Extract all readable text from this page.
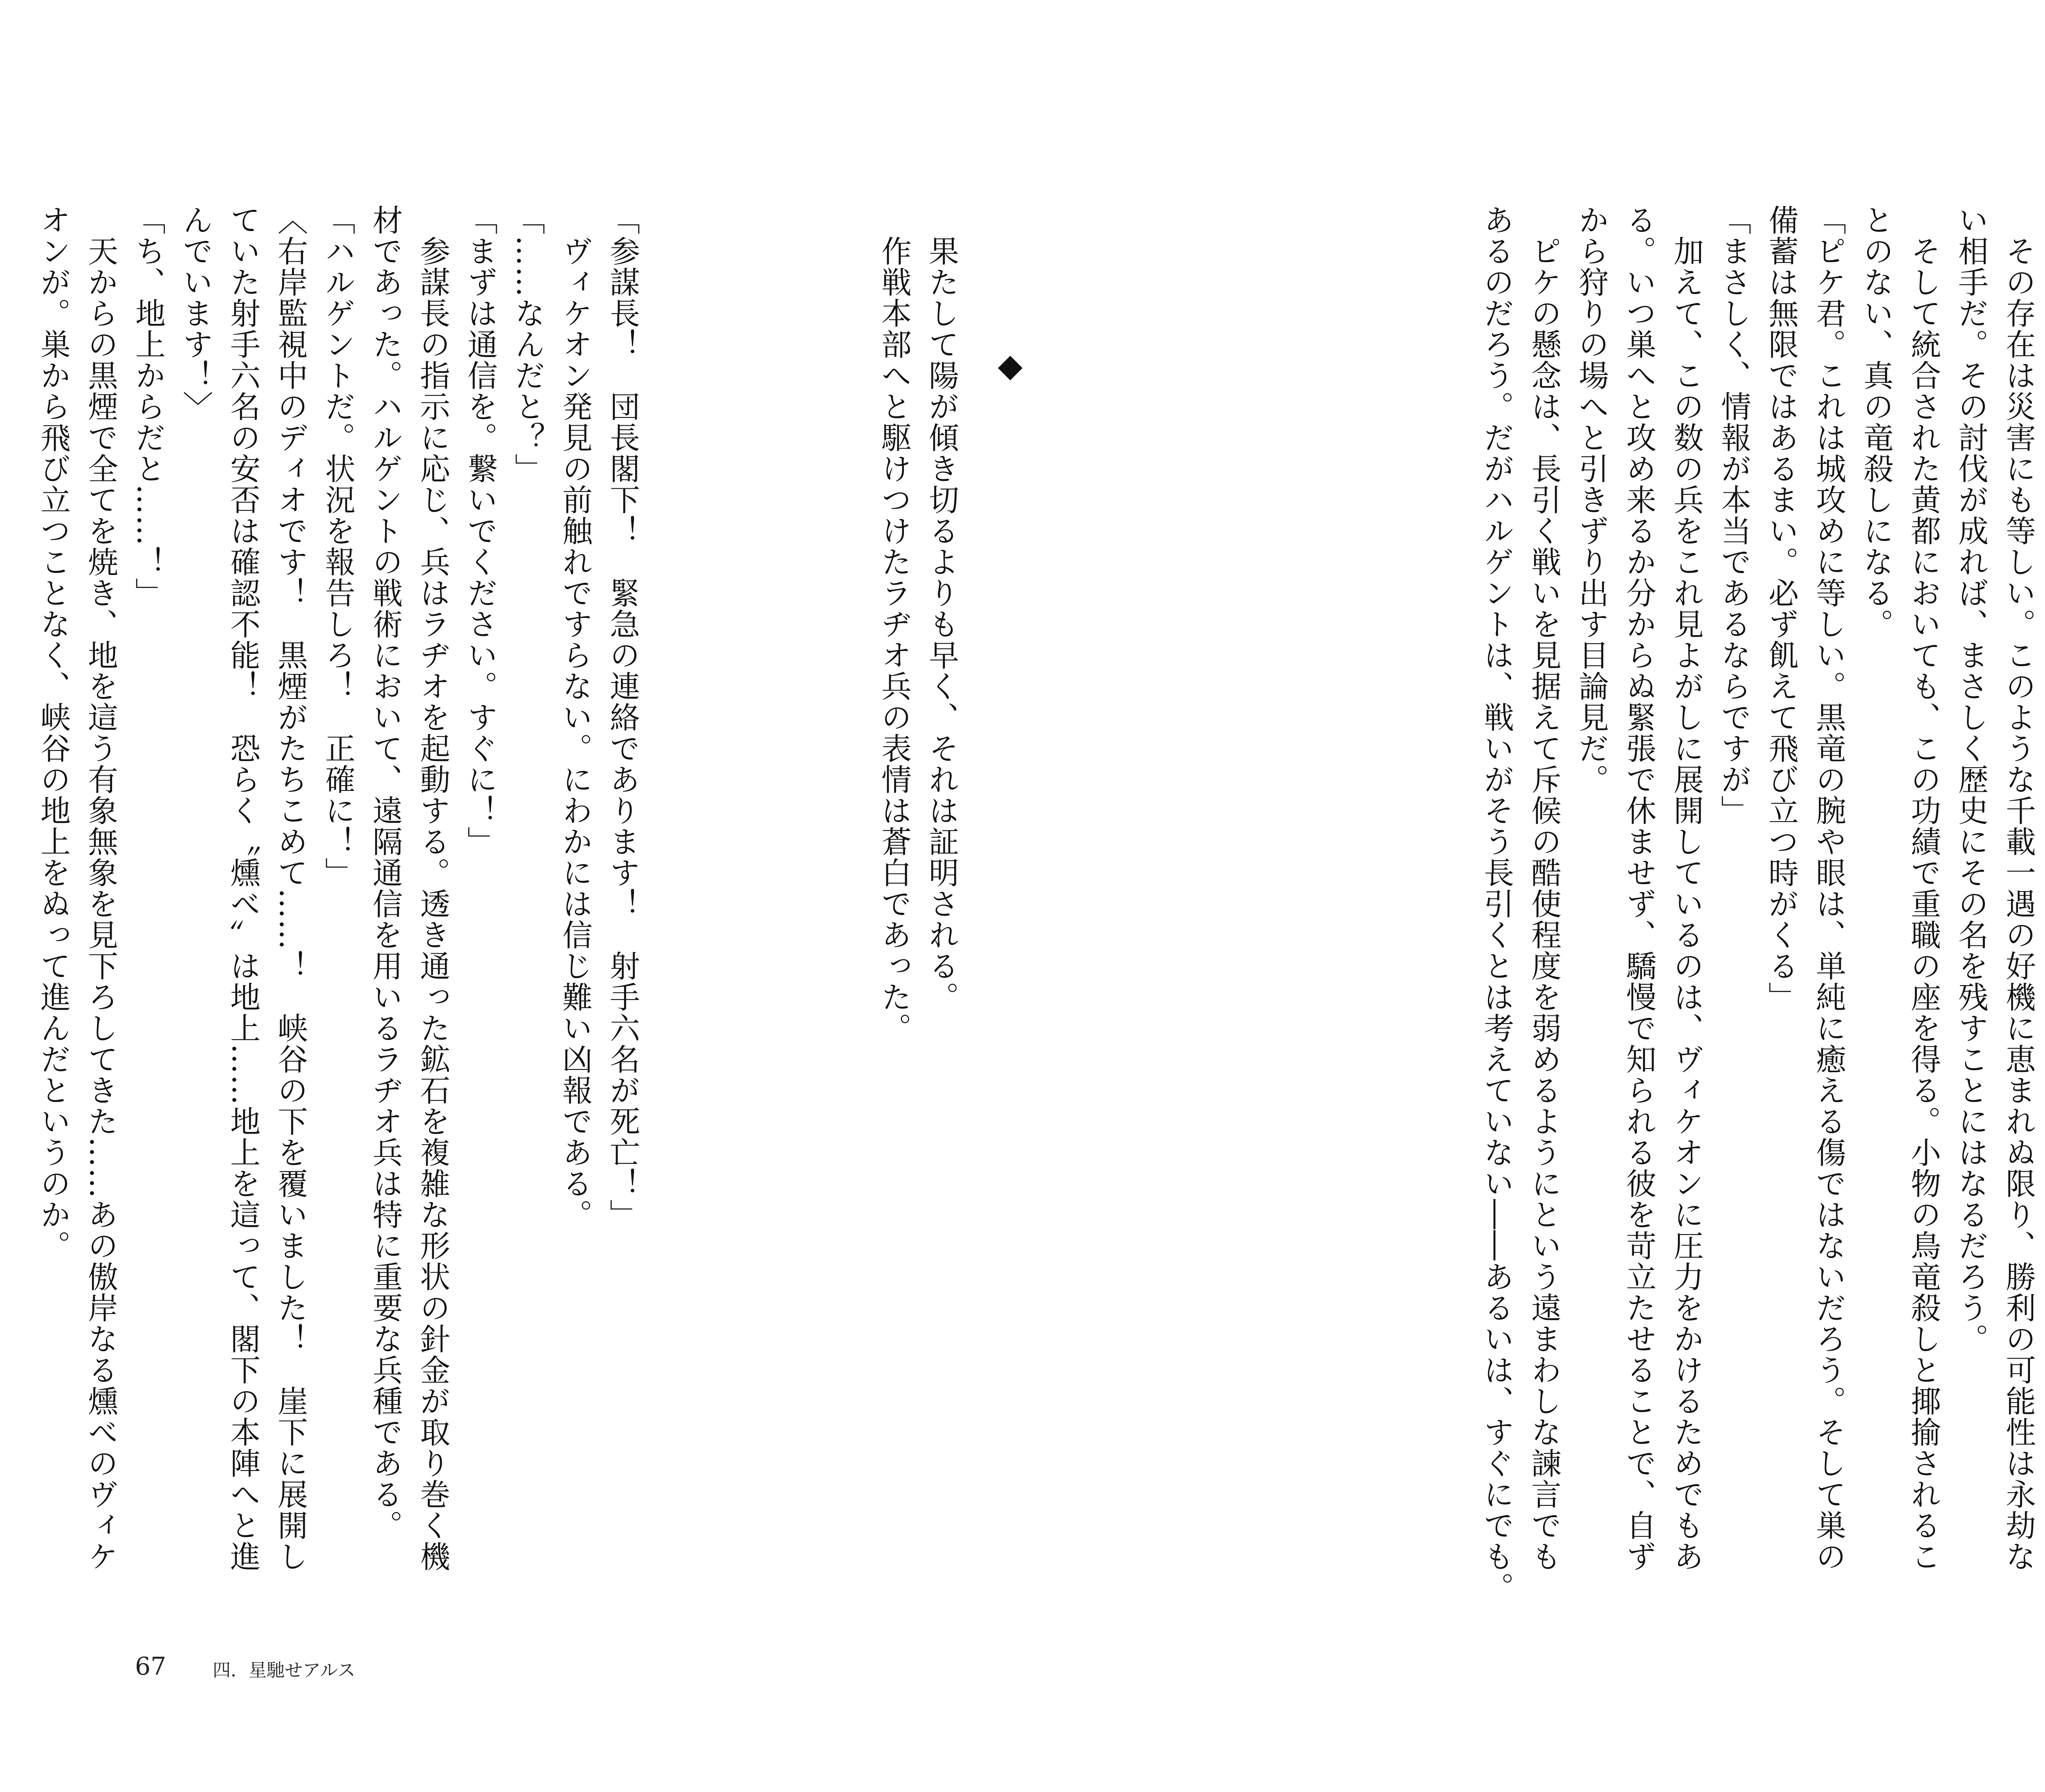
　その存在は災害にも等しい。このような千載一遇の好機に恵まれぬ限り、勝利の可能性は永劫な
い相手だ。その討伐が成れば、まさしく歴史にその名を残すことにはなるだろう。
　そして統合された黄都においても、この功績で重職の座を得る。小物の鳥竜殺しと揶揄されるこ
とのない、真の竜殺しになる。
「ピケ君。これは城攻めに等しい。黒竜の腕や眼は、単純に癒える傷ではないだろう。そして巣の
備蓄は無限ではあるまい。必ず飢えて飛び立つ時がくる」
「まさしく、情報が本当であるならですが」
　加えて、この数の兵をこれ見よがしに展開しているのは、ヴィケオンに圧力をかけるためでもあ
る。いつ巣へと攻め来るか分からぬ緊張で休ませず、驕慢で知られる彼を苛立たせることで、自ず
から狩りの場へと引きずり出す目論見だ。
　ピケの懸念は、長引く戦いを見据えて斥候の酷使程度を弱めるようにという遠まわしな諫言でも
あるのだろう。だがハルゲントは、戦いがそう長引くとは考えていない――あるいは、すぐにでも。
　果たして陽が傾き切るよりも早く、それは証明される。
　作戦本部へと駆けつけたラヂオ兵の表情は蒼白であった。
「参謀長！　団長閣下！　緊急の連絡であります！　射手六名が死亡！」
　ヴィケオン発見の前触れですらない。にわかには信じ難い凶報である。
「……なんだと？」
「まずは通信を。繋いでください。すぐに！」
　参謀長の指示に応じ、兵はラヂオを起動する。透き通った鉱石を複雑な形状の針金が取り巻く機
材であった。ハルゲントの戦術において、遠隔通信を用いるラヂオ兵は特に重要な兵種である。
「ハルゲントだ。状況を報告しろ！　正確に！」
〈右岸監視中のディオです！　黒煙がたちこめて……！　峡谷の下を覆いました！　崖下に展開し
ていた射手六名の安否は確認不能！　恐らく〝燻べ〟は地上……地上を這って、閣下の本陣へと進
んでいます！〉
「ち、地上からだと……！」
　天からの黒煙で全てを焼き、地を這う有象無象を見下ろしてきた……あの傲岸なる燻べのヴィケ
オンが。巣から飛び立つことなく、峡谷の地上をぬって進んだというのか。
67	四．星馳せアルス
